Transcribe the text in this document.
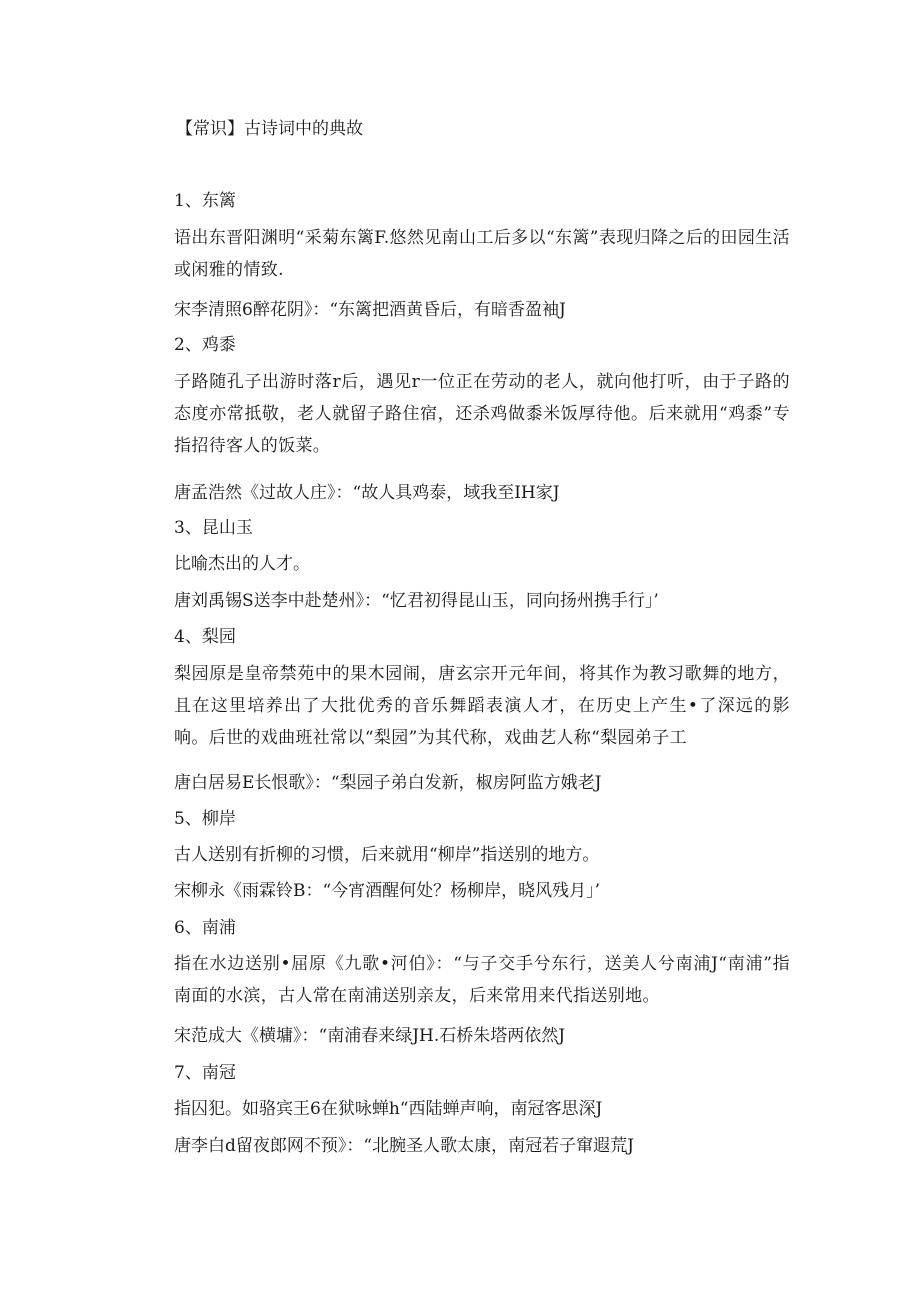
【常识】古诗词中的典故
1、东篱
语出东晋阳渊明“采菊东篱F.悠然见南山工后多以“东篱”表现归降之后的田园生活或闲雅的情致.
宋李清照6醉花阴》：“东篱把酒黄昏后，有暗香盈袖J
2、鸡黍
子路随孔子出游时落r后，遇见r一位正在劳动的老人，就向他打听，由于子路的态度亦常抵敬，老人就留子路住宿，还杀鸡做黍米饭厚待他。后来就用“鸡黍”专指招待客人的饭菜。
唐孟浩然《过故人庄》：“故人具鸡泰，域我至IH家J
3、昆山玉
比喻杰出的人才。
唐刘禹锡S送李中赴楚州》：“忆君初得昆山玉，同向扬州携手行」’
4、梨园
梨园原是皇帝禁苑中的果木园闹，唐玄宗开元年间，将其作为教习歌舞的地方，且在这里培养出了大批优秀的音乐舞蹈表演人才，在历史上产生•了深远的影响。后世的戏曲班社常以“梨园”为其代称，戏曲艺人称“梨园弟子工
唐白居易E长恨歌》：“梨园子弟白发新，椒房阿监方娥老J
5、柳岸
古人送别有折柳的习惯，后来就用“柳岸”指送别的地方。
宋柳永《雨霖铃B：“今宵酒醒何处？杨柳岸，晓风残月」’
6、南浦
指在水边送别•屈原《九歌•河伯》：“与子交手兮东行，送美人兮南浦J“南浦”指南面的水滨，古人常在南浦送别亲友，后来常用来代指送别地。
宋范成大《横墉》：“南浦春来绿JH.石桥朱塔两依然J
7、南冠
指囚犯。如骆宾王6在狱咏蝉h“西陆蝉声响，南冠客思深J
唐李白d留夜郎网不预》：“北腕圣人歌太康，南冠若子窜遐荒J
